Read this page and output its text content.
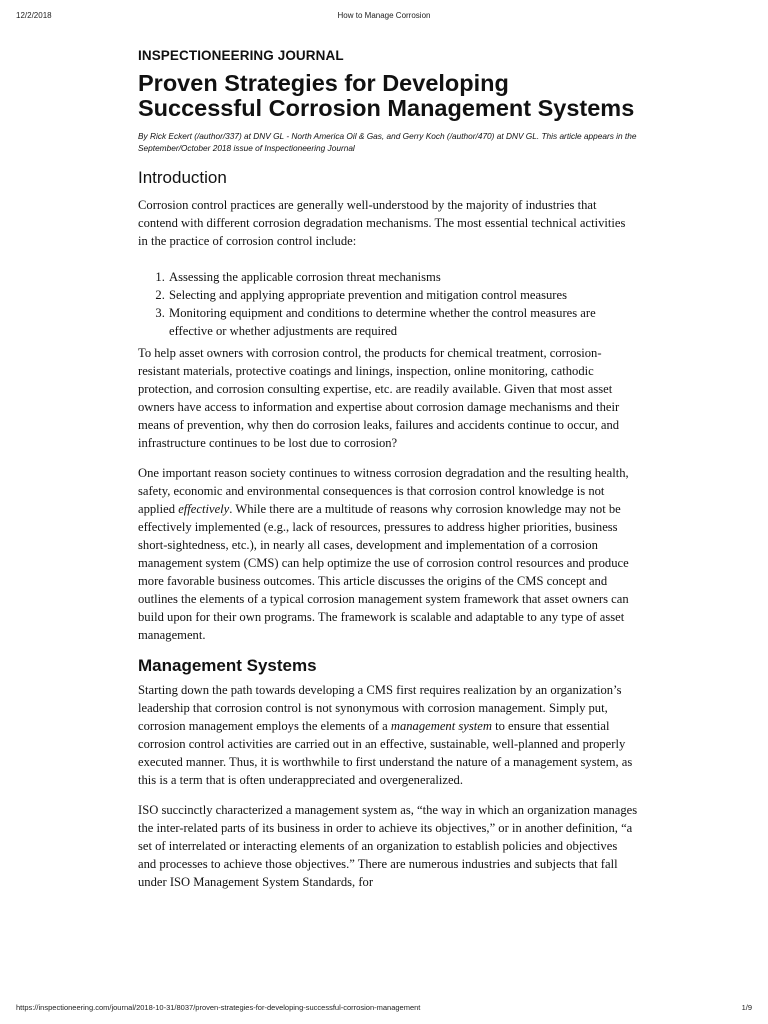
12/2/2018	How to Manage Corrosion
INSPECTIONEERING JOURNAL
Proven Strategies for Developing Successful Corrosion Management Systems
By Rick Eckert (/author/337) at DNV GL - North America Oil & Gas, and Gerry Koch (/author/470) at DNV GL. This article appears in the September/October 2018 issue of Inspectioneering Journal
Introduction

Corrosion control practices are generally well-understood by the majority of industries that contend with different corrosion degradation mechanisms. The most essential technical activities in the practice of corrosion control include:

1. Assessing the applicable corrosion threat mechanisms
2. Selecting and applying appropriate prevention and mitigation control measures
3. Monitoring equipment and conditions to determine whether the control measures are effective or whether adjustments are required

To help asset owners with corrosion control, the products for chemical treatment, corrosion-resistant materials, protective coatings and linings, inspection, online monitoring, cathodic protection, and corrosion consulting expertise, etc. are readily available. Given that most asset owners have access to information and expertise about corrosion damage mechanisms and their means of prevention, why then do corrosion leaks, failures and accidents continue to occur, and infrastructure continues to be lost due to corrosion?

One important reason society continues to witness corrosion degradation and the resulting health, safety, economic and environmental consequences is that corrosion control knowledge is not applied effectively. While there are a multitude of reasons why corrosion knowledge may not be effectively implemented (e.g., lack of resources, pressures to address higher priorities, business short-sightedness, etc.), in nearly all cases, development and implementation of a corrosion management system (CMS) can help optimize the use of corrosion control resources and produce more favorable business outcomes. This article discusses the origins of the CMS concept and outlines the elements of a typical corrosion management system framework that asset owners can build upon for their own programs. The framework is scalable and adaptable to any type of asset management.

Management Systems

Starting down the path towards developing a CMS first requires realization by an organization’s leadership that corrosion control is not synonymous with corrosion management. Simply put, corrosion management employs the elements of a management system to ensure that essential corrosion control activities are carried out in an effective, sustainable, well-planned and properly executed manner. Thus, it is worthwhile to first understand the nature of a management system, as this is a term that is often underappreciated and overgeneralized.

ISO succinctly characterized a management system as, “the way in which an organization manages the inter-related parts of its business in order to achieve its objectives,” or in another definition, “a set of interrelated or interacting elements of an organization to establish policies and objectives and processes to achieve those objectives.” There are numerous industries and subjects that fall under ISO Management System Standards, for

https://inspectioneering.com/journal/2018-10-31/8037/proven-strategies-for-developing-successful-corrosion-management	1/9
